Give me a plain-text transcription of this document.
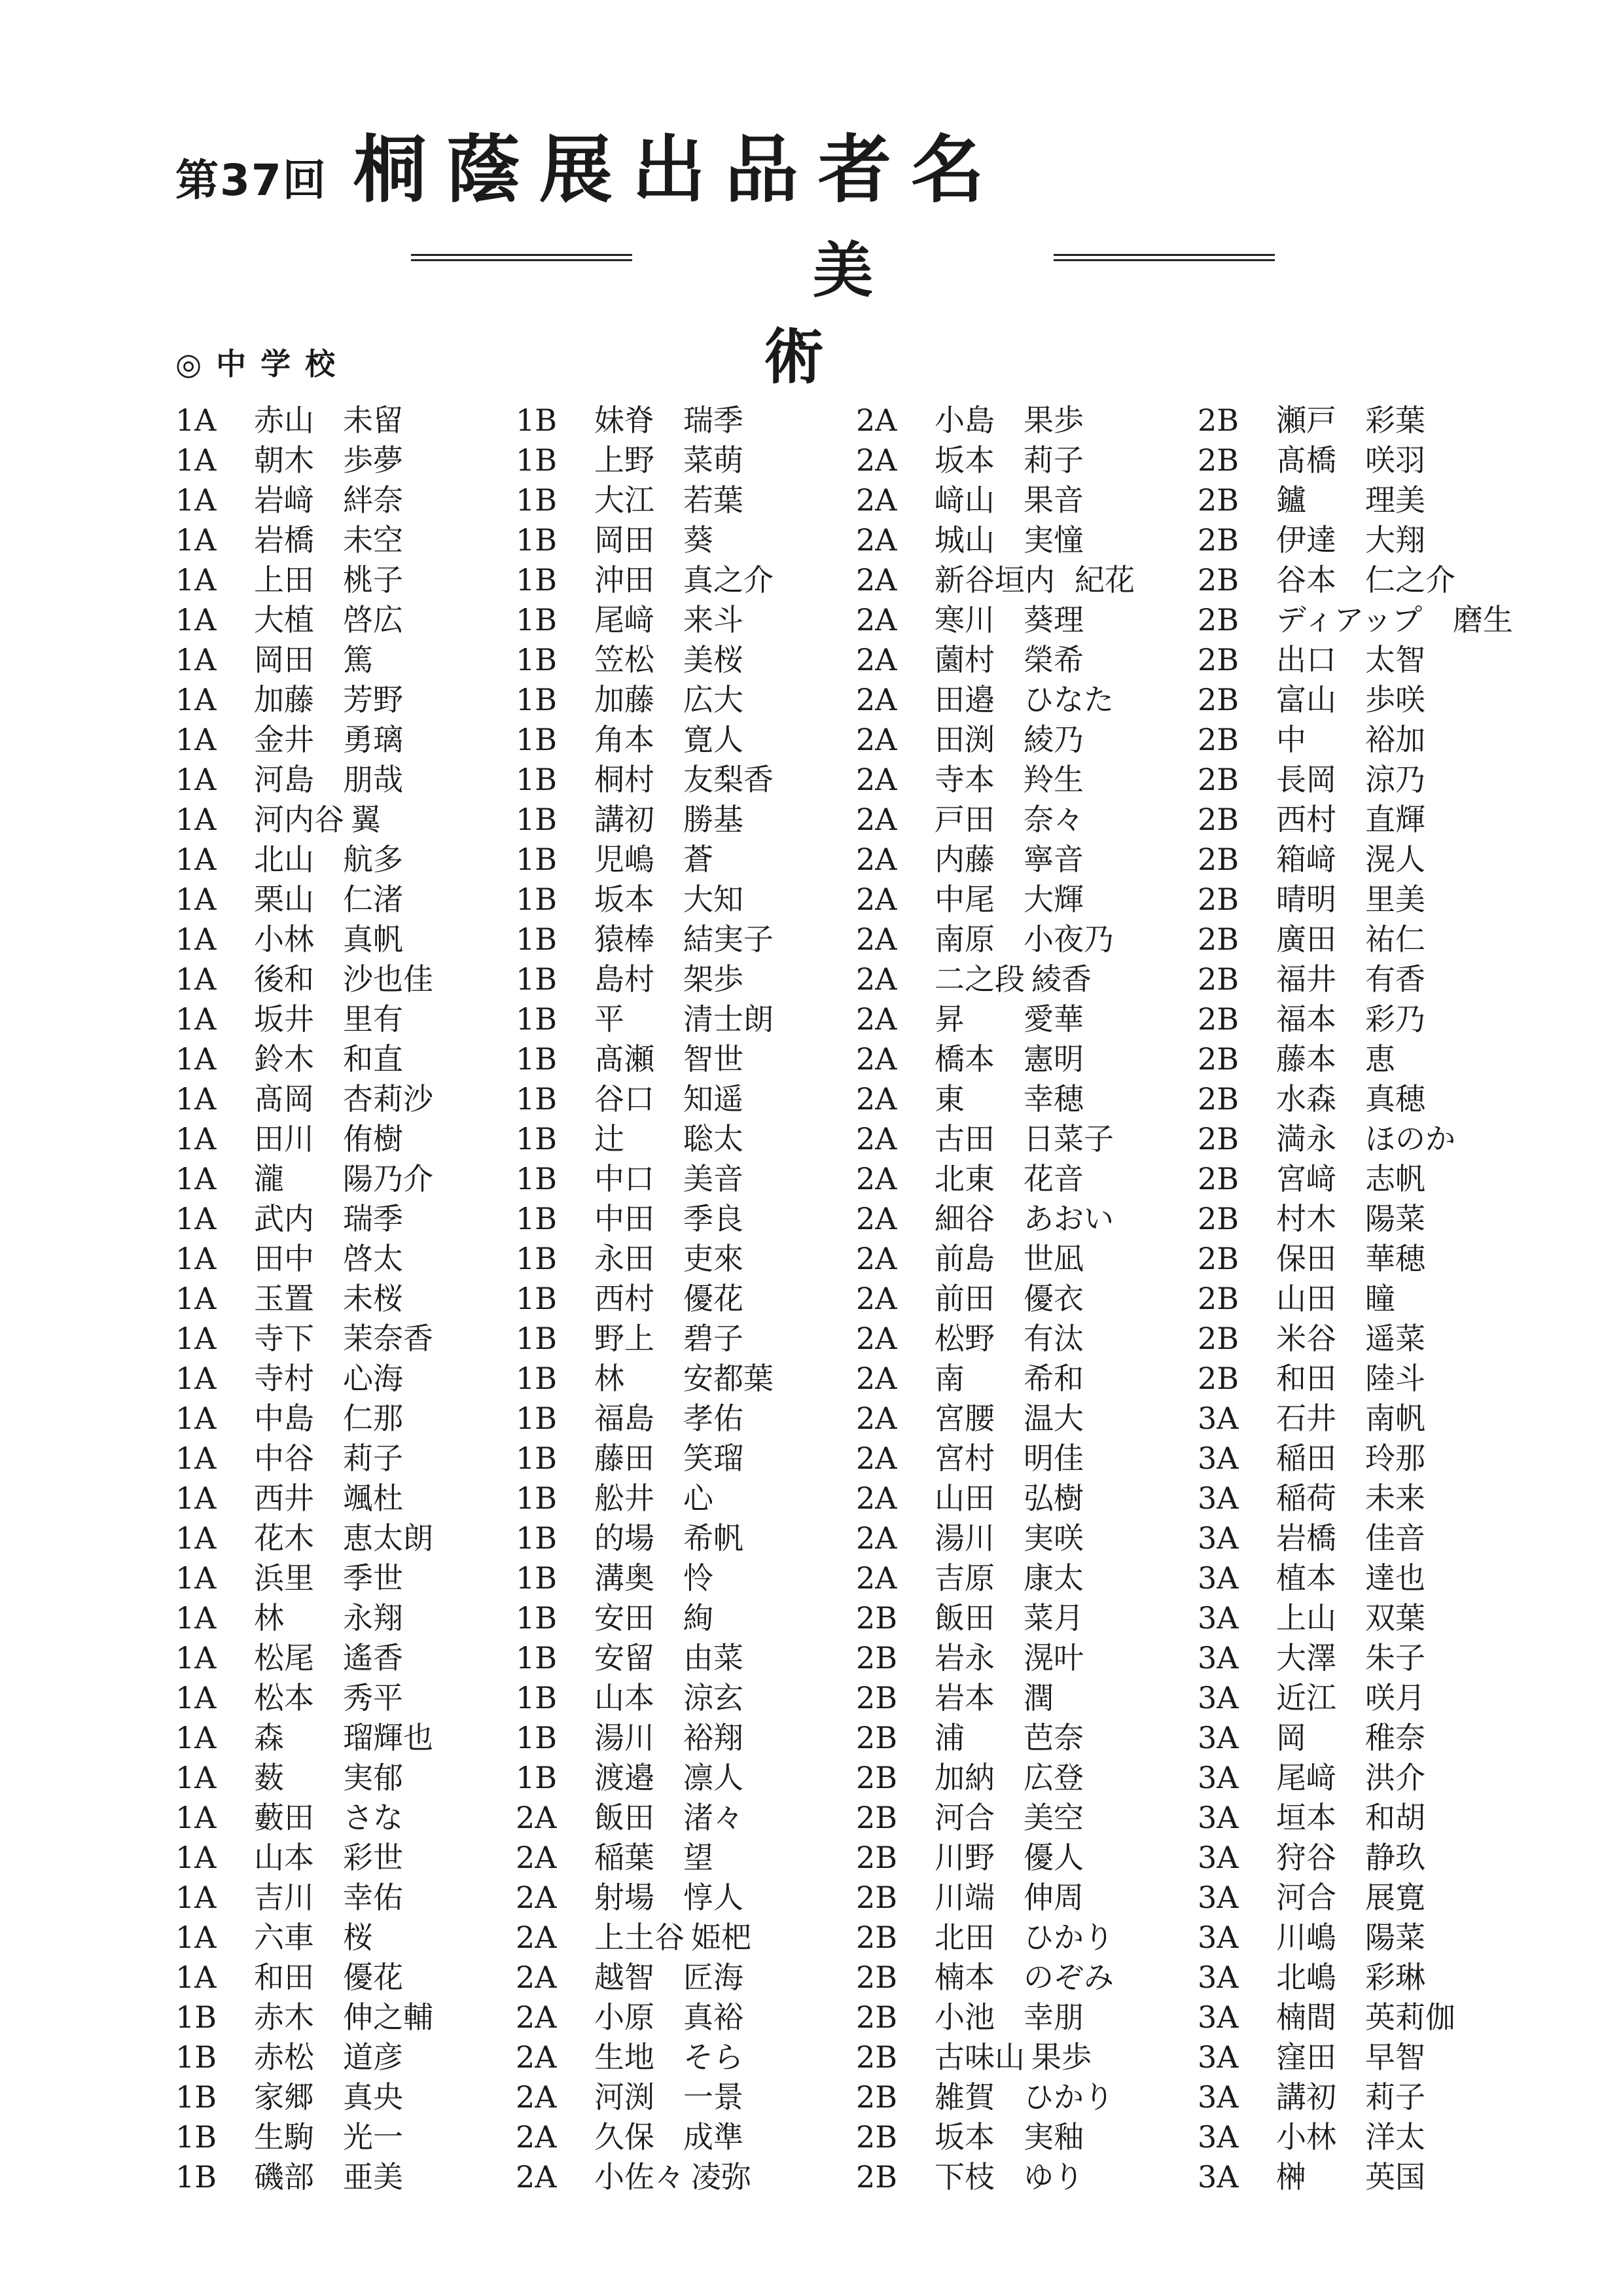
第37回 桐蔭展出品者名
美術
◎中学校
1A	赤山 未留
1A	朝木 歩夢
1A	岩﨑 絆奈
1A	岩橋 未空
1A	上田 桃子
1A	大植 啓広
1A	岡田 篤
1A	加藤 芳野
1A	金井 勇璃
1A	河島 朋哉
1A	河内谷 翼
1A	北山 航多
1A	栗山 仁渚
1A	小林 真帆
1A	後和 沙也佳
1A	坂井 里有
1A	鈴木 和直
1A	髙岡 杏莉沙
1A	田川 侑樹
1A	瀧 陽乃介
1A	武内 瑞季
1A	田中 啓太
1A	玉置 未桜
1A	寺下 茉奈香
1A	寺村 心海
1A	中島 仁那
1A	中谷 莉子
1A	西井 颯杜
1A	花木 恵太朗
1A	浜里 季世
1A	林 永翔
1A	松尾 遙香
1A	松本 秀平
1A	森 瑠輝也
1A	薮 実郁
1A	藪田 さな
1A	山本 彩世
1A	吉川 幸佑
1A	六車 桜
1A	和田 優花
1B	赤木 伸之輔
1B	赤松 道彦
1B	家郷 真央
1B	生駒 光一
1B	磯部 亜美
1B	妹脊 瑞季
1B	上野 菜萌
1B	大江 若葉
1B	岡田 葵
1B	沖田 真之介
1B	尾﨑 来斗
1B	笠松 美桜
1B	加藤 広大
1B	角本 寛人
1B	桐村 友梨香
1B	講初 勝基
1B	児嶋 蒼
1B	坂本 大知
1B	猿棒 結実子
1B	島村 架歩
1B	平 清士朗
1B	髙瀬 智世
1B	谷口 知遥
1B	辻 聡太
1B	中口 美音
1B	中田 季良
1B	永田 吏來
1B	西村 優花
1B	野上 碧子
1B	林 安都葉
1B	福島 孝佑
1B	藤田 笑瑠
1B	舩井 心
1B	的場 希帆
1B	溝奥 怜
1B	安田 絢
1B	安留 由菜
1B	山本 涼玄
1B	湯川 裕翔
1B	渡邉 凛人
2A	飯田 渚々
2A	稲葉 望
2A	射場 惇人
2A	上土谷 姫杷
2A	越智 匠海
2A	小原 真裕
2A	生地 そら
2A	河渕 一景
2A	久保 成準
2A	小佐々 凌弥
2A	小島 果歩
2A	坂本 莉子
2A	﨑山 果音
2A	城山 実憧
2A	新谷垣内 紀花
2A	寒川 葵理
2A	薗村 榮希
2A	田邉 ひなた
2A	田渕 綾乃
2A	寺本 羚生
2A	戸田 奈々
2A	内藤 寧音
2A	中尾 大輝
2A	南原 小夜乃
2A	二之段 綾香
2A	昇 愛華
2A	橋本 憲明
2A	東 幸穂
2A	古田 日菜子
2A	北東 花音
2A	細谷 あおい
2A	前島 世凪
2A	前田 優衣
2A	松野 有汰
2A	南 希和
2A	宮腰 温大
2A	宮村 明佳
2A	山田 弘樹
2A	湯川 実咲
2A	吉原 康太
2B	飯田 菜月
2B	岩永 滉叶
2B	岩本 潤
2B	浦 芭奈
2B	加納 広登
2B	河合 美空
2B	川野 優人
2B	川端 伸周
2B	北田 ひかり
2B	楠本 のぞみ
2B	小池 幸朋
2B	古味山 果歩
2B	雑賀 ひかり
2B	坂本 実釉
2B	下枝 ゆり
2B	瀬戸 彩葉
2B	髙橋 咲羽
2B	鑪 理美
2B	伊達 大翔
2B	谷本 仁之介
2B	ディアップ 磨生
2B	出口 太智
2B	富山 歩咲
2B	中 裕加
2B	長岡 涼乃
2B	西村 直輝
2B	箱﨑 滉人
2B	晴明 里美
2B	廣田 祐仁
2B	福井 有香
2B	福本 彩乃
2B	藤本 恵
2B	水森 真穂
2B	満永 ほのか
2B	宮﨑 志帆
2B	村木 陽菜
2B	保田 華穂
2B	山田 瞳
2B	米谷 遥菜
2B	和田 陸斗
3A	石井 南帆
3A	稲田 玲那
3A	稲荷 未来
3A	岩橋 佳音
3A	植本 達也
3A	上山 双葉
3A	大澤 朱子
3A	近江 咲月
3A	岡 稚奈
3A	尾﨑 洪介
3A	垣本 和胡
3A	狩谷 静玖
3A	河合 展寛
3A	川嶋 陽菜
3A	北嶋 彩琳
3A	楠間 英莉伽
3A	窪田 早智
3A	講初 莉子
3A	小林 洋太
3A	榊 英国
